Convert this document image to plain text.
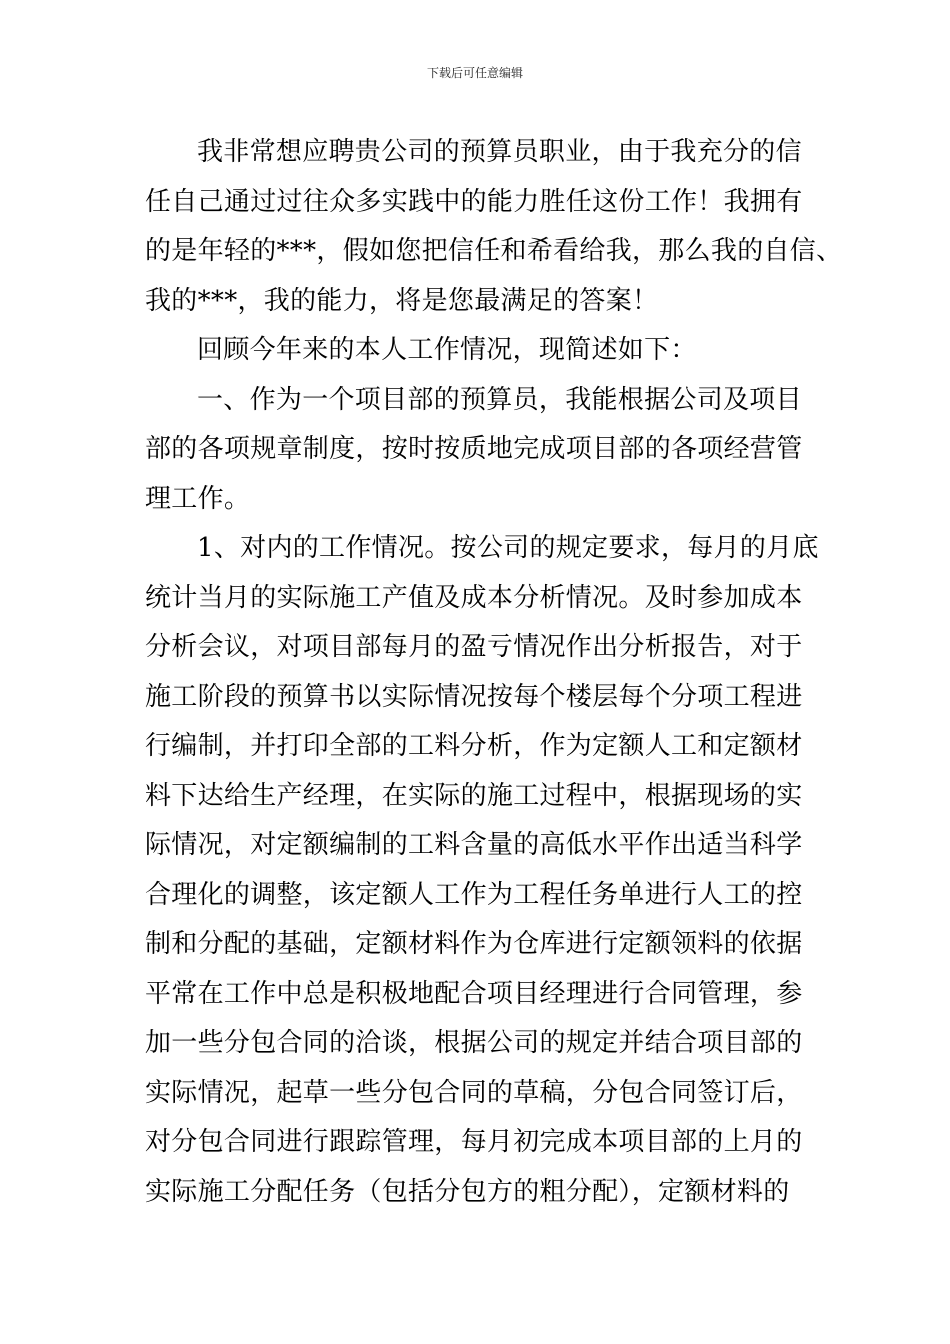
下载后可任意编辑
我非常想应聘贵公司的预算员职业，由于我充分的信
任自己通过过往众多实践中的能力胜任这份工作！我拥有
的是年轻的***，假如您把信任和希看给我，那么我的自信、
我的***，我的能力，将是您最满足的答案！
回顾今年来的本人工作情况，现简述如下：
一、作为一个项目部的预算员，我能根据公司及项目
部的各项规章制度，按时按质地完成项目部的各项经营管
理工作。
1、对内的工作情况。按公司的规定要求，每月的月底
统计当月的实际施工产值及成本分析情况。及时参加成本
分析会议，对项目部每月的盈亏情况作出分析报告，对于
施工阶段的预算书以实际情况按每个楼层每个分项工程进
行编制，并打印全部的工料分析，作为定额人工和定额材
料下达给生产经理，在实际的施工过程中，根据现场的实
际情况，对定额编制的工料含量的高低水平作出适当科学
合理化的调整，该定额人工作为工程任务单进行人工的控
制和分配的基础，定额材料作为仓库进行定额领料的依据
平常在工作中总是积极地配合项目经理进行合同管理，参
加一些分包合同的洽谈，根据公司的规定并结合项目部的
实际情况，起草一些分包合同的草稿，分包合同签订后，
对分包合同进行跟踪管理，每月初完成本项目部的上月的
实际施工分配任务（包括分包方的粗分配），定额材料的
